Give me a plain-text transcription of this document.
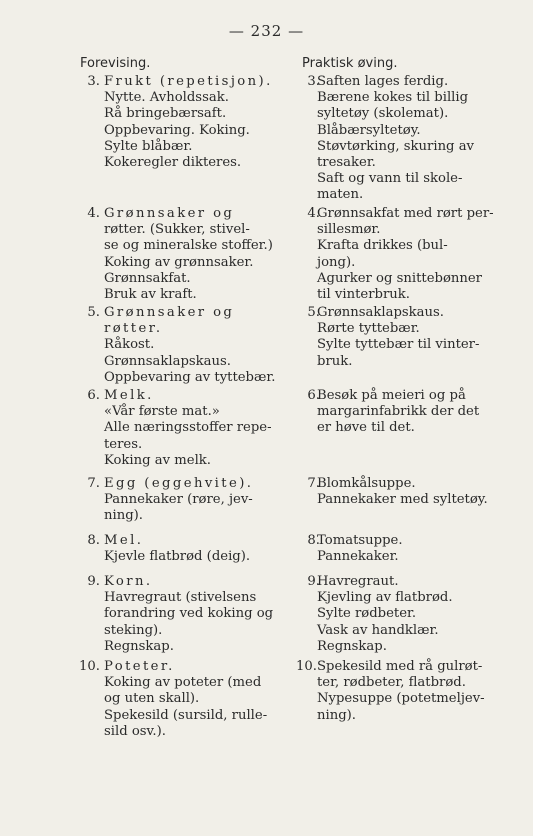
— 232 —
Forevising.	Praktisk øving.
3. Frukt (repetisjon).
Nytte. Avholdssak.
Rå bringebærsaft.
Oppbevaring. Koking.
Sylte blåbær.
Kokeregler dikteres.
3.
Saften lages ferdig.
Bærene kokes til billig
syltetøy (skolemat).
Blåbærsyltetøy.
Støvtørking, skuring av
tresaker.
Saft og vann til skole-
maten.
4. Grønnsaker og
røtter. (Sukker, stivel-
se og mineralske stoffer.)
Koking av grønnsaker.
Grønnsakfat.
Bruk av kraft.
4.
Grønnsakfat med rørt per-
sillesmør.
Krafta drikkes (bul-
jong).
Agurker og snittebønner
til vinterbruk.
5. Grønnsaker og
røtter.
Råkost.
Grønnsaklapskaus.
Oppbevaring av tyttebær.
5.
Grønnsaklapskaus.
Rørte tyttebær.
Sylte tyttebær til vinter-
bruk.
6. Melk.
«Vår første mat.»
Alle næringsstoffer repe-
teres.
Koking av melk.
6.
Besøk på meieri og på
margarinfabrikk der det
er høve til det.
7. Egg (eggehvite).
Pannekaker (røre, jev-
ning).
7.
Blomkålsuppe.
Pannekaker med syltetøy.
8. Mel.
Kjevle flatbrød (deig).
8.
Tomatsuppe.
Pannekaker.
9. Korn.
Havregraut (stivelsens
forandring ved koking og
steking).
Regnskap.
9.
Havregraut.
Kjevling av flatbrød.
Sylte rødbeter.
Vask av handklær.
Regnskap.
10. Poteter.
Koking av poteter (med
og uten skall).
Spekesild (sursild, rulle-
sild osv.).
10. Spekesild med rå gulrøt-
ter, rødbeter, flatbrød.
Nypesuppe (potetmeljev-
ning).
